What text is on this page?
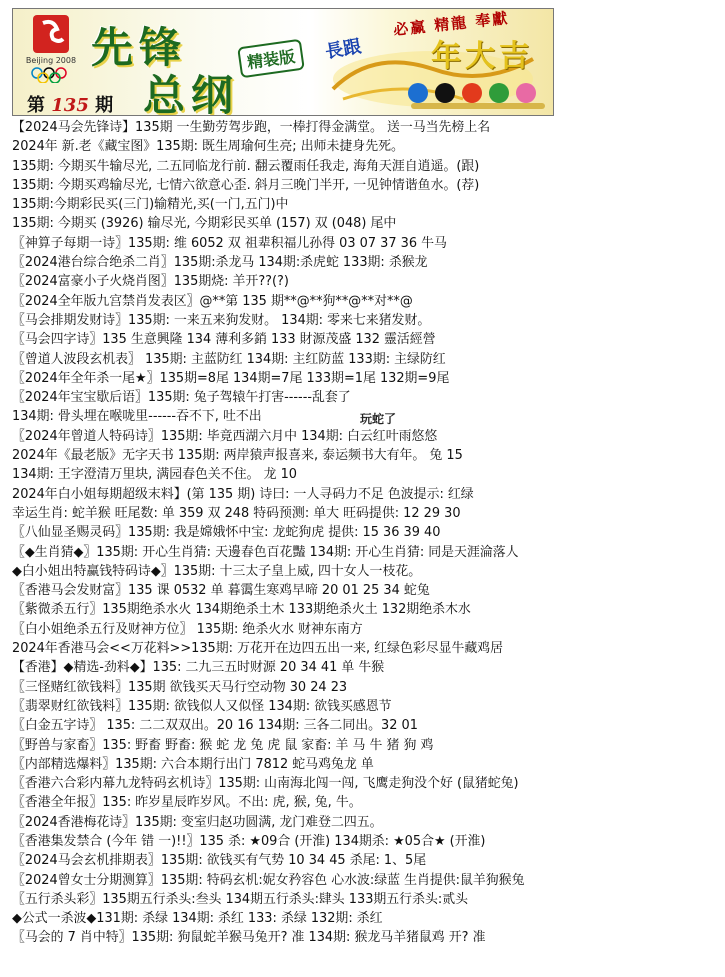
Beijing 2008 先锋
总纲
精装版
第 135 期
必赢 精龍 奉獻
長跟 年大吉
【2024马会先锋诗】135期 一生勤劳驾步跑，一棒打得金满堂。 送一马当先榜上名
2024年 新.老《藏宝图》135期: 既生周瑜何生亮; 出师未捷身先死。
135期: 今期买牛输尽光, 二五同临龙行前. 翻云覆雨任我走, 海角天涯自逍遥。(跟)
135期: 今期买鸡输尽光, 七情六欲意心歪. 斜月三晚门半开, 一见钟情谐鱼水。(荐)
135期:今期彩民买(三门)输精光,买(一门,五门)中
135期: 今期买 (3926) 输尽光, 今期彩民买单 (157) 双 (048) 尾中
〖神算子每期一诗〗135期: 维 6052 双 祖辈积福儿孙得 03 07 37 36 牛马
〖2024港台综合绝杀二肖〗135期:杀龙马 134期:杀虎蛇 133期: 杀猴龙
〖2024富豪小子火烧肖图〗135期烧: 羊开??(?)
〖2024全年版九宫禁肖发表区〗@**第 135 期**@**狗**@**对**@
〖马会排期发财诗〗135期: 一来五来狗发财。 134期: 零来七来猪发财。
〖马会四字诗〗135 生意興隆 134 薄利多銷 133 財源茂盛 132 靈活經營
〖曾道人波段玄机表〗 135期: 主蓝防红 134期: 主红防蓝 133期: 主绿防红
〖2024年全年杀一尾★〗135期=8尾 134期=7尾 133期=1尾 132期=9尾
〖2024年宝宝歇后语〗135期: 兔子驾辕午打害------乱套了
134期: 骨头埋在喉咙里------吞不下, 吐不出
〖2024年曾道人特码诗〗135期: 毕竟西湖六月中 134期: 白云红叶雨悠悠
2024年《最老版》无字天书 135期: 两岸猿声报喜来, 泰运频书大有年。 兔 15
134期: 王字澄清万里块, 满园春色关不住。 龙 10
2024年白小姐每期超级末料】(第 135 期) 诗曰: 一人寻码力不足 色波提示: 红绿
幸运生肖: 蛇羊猴 旺尾数: 单 359 双 248 特码预测: 单大 旺码提供: 12 29 30
〖八仙显圣赐灵码〗135期: 我是嫦娥怀中宝: 龙蛇狗虎 提供: 15 36 39 40
〖◆生肖猜◆〗135期: 开心生肖猜: 天邊春色百花豔 134期: 开心生肖猜: 同是天涯淪落人
◆白小姐出特赢钱特码诗◆〗135期: 十三太子皇上威, 四十女人一枝花。
〖香港马会发财富〗135 课 0532 单 暮霭生寒鸡早啼 20 01 25 34 蛇兔
〖紫微杀五行〗135期绝杀水火 134期绝杀土木 133期绝杀火土 132期绝杀木水
〖白小姐绝杀五行及财神方位〗 135期: 绝杀火水 财神东南方
2024年香港马会<<万花料>>135期: 万花开在边四五出一来, 红绿色彩尽显牛藏鸡居
【香港】◆精选-劲料◆】135: 二九三五时财源 20 34 41 单 牛猴
〖三怪赌红欲钱料〗135期 欲钱买天马行空动物 30 24 23
〖翡翠财红欲钱料〗135期: 欲钱似人又似怪 134期: 欲钱买感恩节
〖白金五字诗〗 135: 二二双双出。20 16 134期: 三各二同出。32 01
〖野兽与家畜〗135: 野畜 野畜: 猴 蛇 龙 兔 虎 鼠 家畜: 羊 马 牛 猪 狗 鸡
〖内部精选爆料〗135期: 六合本期行出门 7812 蛇马鸡兔龙 单
〖香港六合彩内幕九龙特码玄机诗〗135期: 山南海北闯一闯, 飞鹰走狗没个好 (鼠猪蛇兔)
〖香港全年报〗135: 昨岁星辰昨岁风。不出: 虎, 猴, 兔, 牛。
〖2024香港梅花诗〗135期: 变室归赵功圆满, 龙门难登二四五。
〖香港集发禁合 (今年 错 一)!!〗135 杀: ★09合 (开淮) 134期杀: ★05合★ (开淮)
〖2024马会玄机排期表〗135期: 欲钱买有气势 10 34 45 杀尾: 1、5尾
〖2024曾女士分期测算〗135期: 特码玄机:妮女矜容色 心水波:绿蓝 生肖提供:鼠羊狗猴兔
〖五行杀头彩〗135期五行杀头:叁头 134期五行杀头:肆头 133期五行杀头:贰头
◆公式一杀波◆131期: 杀绿 134期: 杀红 133: 杀绿 132期: 杀红
〖马会的 7 肖中特〗135期: 狗鼠蛇羊猴马兔开? 准 134期: 猴龙马羊猪鼠鸡 开? 准
玩蛇了
